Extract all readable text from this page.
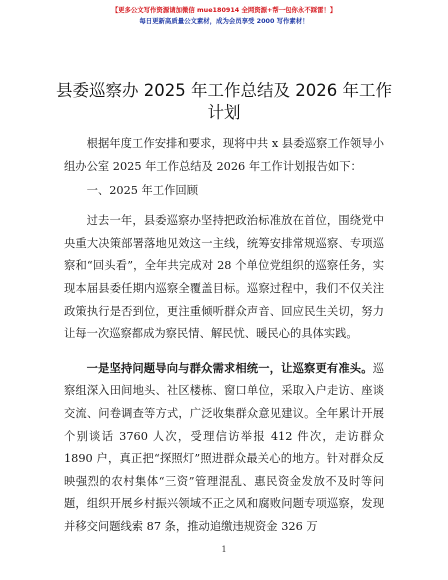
【更多公文写作资源请加微信 mue180914 全网资源+帮一包你永不踩雷！】
每日更新高质量公文素材，成为会员享受 2000 写作素材！
县委巡察办 2025 年工作总结及 2026 年工作计划

根据年度工作安排和要求，现将中共 x 县委巡察工作领导小组办公室 2025 年工作总结及 2026 年工作计划报告如下：

一、2025 年工作回顾

过去一年，县委巡察办坚持把政治标准放在首位，围绕党中央重大决策部署落地见效这一主线，统筹安排常规巡察、专项巡察和“回头看”，全年共完成对 28 个单位党组织的巡察任务，实现本届县委任期内巡察全覆盖目标。巡察过程中，我们不仅关注政策执行是否到位，更注重倾听群众声音、回应民生关切，努力让每一次巡察都成为察民情、解民忧、暖民心的具体实践。

一是坚持问题导向与群众需求相统一，让巡察更有准头。巡察组深入田间地头、社区楼栋、窗口单位，采取入户走访、座谈交流、问卷调查等方式，广泛收集群众意见建议。全年累计开展个别谈话 3760 人次，受理信访举报 412 件次，走访群众 1890 户，真正把“探照灯”照进群众最关心的地方。针对群众反映强烈的农村集体“三资”管理混乱、惠民资金发放不及时等问题，组织开展乡村振兴领域不正之风和腐败问题专项巡察，发现并移交问题线索 87 条，推动追缴违规资金 326 万

1
